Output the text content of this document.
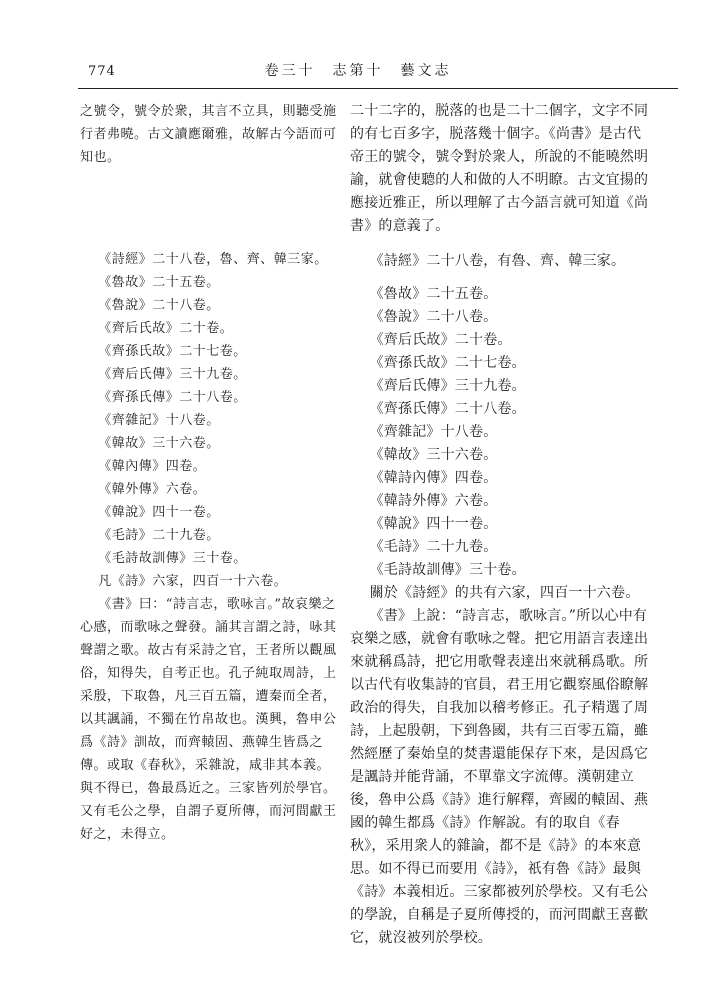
774	卷三十　志第十　藝文志

之號令，號令於衆，其言不立具，則聽受施行者弗曉。古文讀應爾雅，故解古今語而可知也。

《詩經》二十八卷，魯、齊、韓三家。

《魯故》二十五卷。
《魯說》二十八卷。
《齊后氏故》二十卷。
《齊孫氏故》二十七卷。
《齊后氏傳》三十九卷。
《齊孫氏傳》二十八卷。
《齊雜記》十八卷。
《韓故》三十六卷。
《韓內傳》四卷。
《韓外傳》六卷。
《韓說》四十一卷。
《毛詩》二十九卷。
《毛詩故訓傳》三十卷。
凡《詩》六家，四百一十六卷。

《書》曰：“詩言志，歌咏言。”故哀樂之心感，而歌咏之聲發。誦其言謂之詩，咏其聲謂之歌。故古有采詩之官，王者所以觀風俗，知得失，自考正也。孔子純取周詩，上采殷，下取魯，凡三百五篇，遭秦而全者，以其諷誦，不獨在竹帛故也。漢興，魯申公爲《詩》訓故，而齊轅固、燕韓生皆爲之傳。或取《春秋》，采雜說，咸非其本義。與不得已，魯最爲近之。三家皆列於學官。又有毛公之學，自謂子夏所傳，而河間獻王好之，未得立。

二十二字的，脱落的也是二十二個字，文字不同的有七百多字，脱落幾十個字。《尚書》是古代帝王的號令，號令對於衆人，所說的不能曉然明諭，就會使聽的人和做的人不明瞭。古文宜揚的應接近雅正，所以理解了古今語言就可知道《尚書》的意義了。

《詩經》二十八卷，有魯、齊、韓三家。

《魯故》二十五卷。
《魯說》二十八卷。
《齊后氏故》二十卷。
《齊孫氏故》二十七卷。
《齊后氏傳》三十九卷。
《齊孫氏傳》二十八卷。
《齊雜記》十八卷。
《韓故》三十六卷。
《韓詩內傳》四卷。
《韓詩外傳》六卷。
《韓說》四十一卷。
《毛詩》二十九卷。
《毛詩故訓傳》三十卷。
關於《詩經》的共有六家，四百一十六卷。

《書》上說：“詩言志，歌咏言。”所以心中有哀樂之感，就會有歌咏之聲。把它用語言表達出來就稱爲詩，把它用歌聲表達出來就稱爲歌。所以古代有收集詩的官員，君王用它觀察風俗瞭解政治的得失，自我加以稽考修正。孔子精選了周詩，上起殷朝，下到魯國，共有三百零五篇，雖然經歷了秦始皇的焚書還能保存下來，是因爲它是諷詩并能背誦，不單靠文字流傳。漢朝建立後，魯申公爲《詩》進行解釋，齊國的轅固、燕國的韓生都爲《詩》作解說。有的取自《春秋》，采用衆人的雜論，都不是《詩》的本來意思。如不得已而要用《詩》，祇有魯《詩》最與《詩》本義相近。三家都被列於學校。又有毛公的學說，自稱是子夏所傳授的，而河間獻王喜歡它，就沒被列於學校。
